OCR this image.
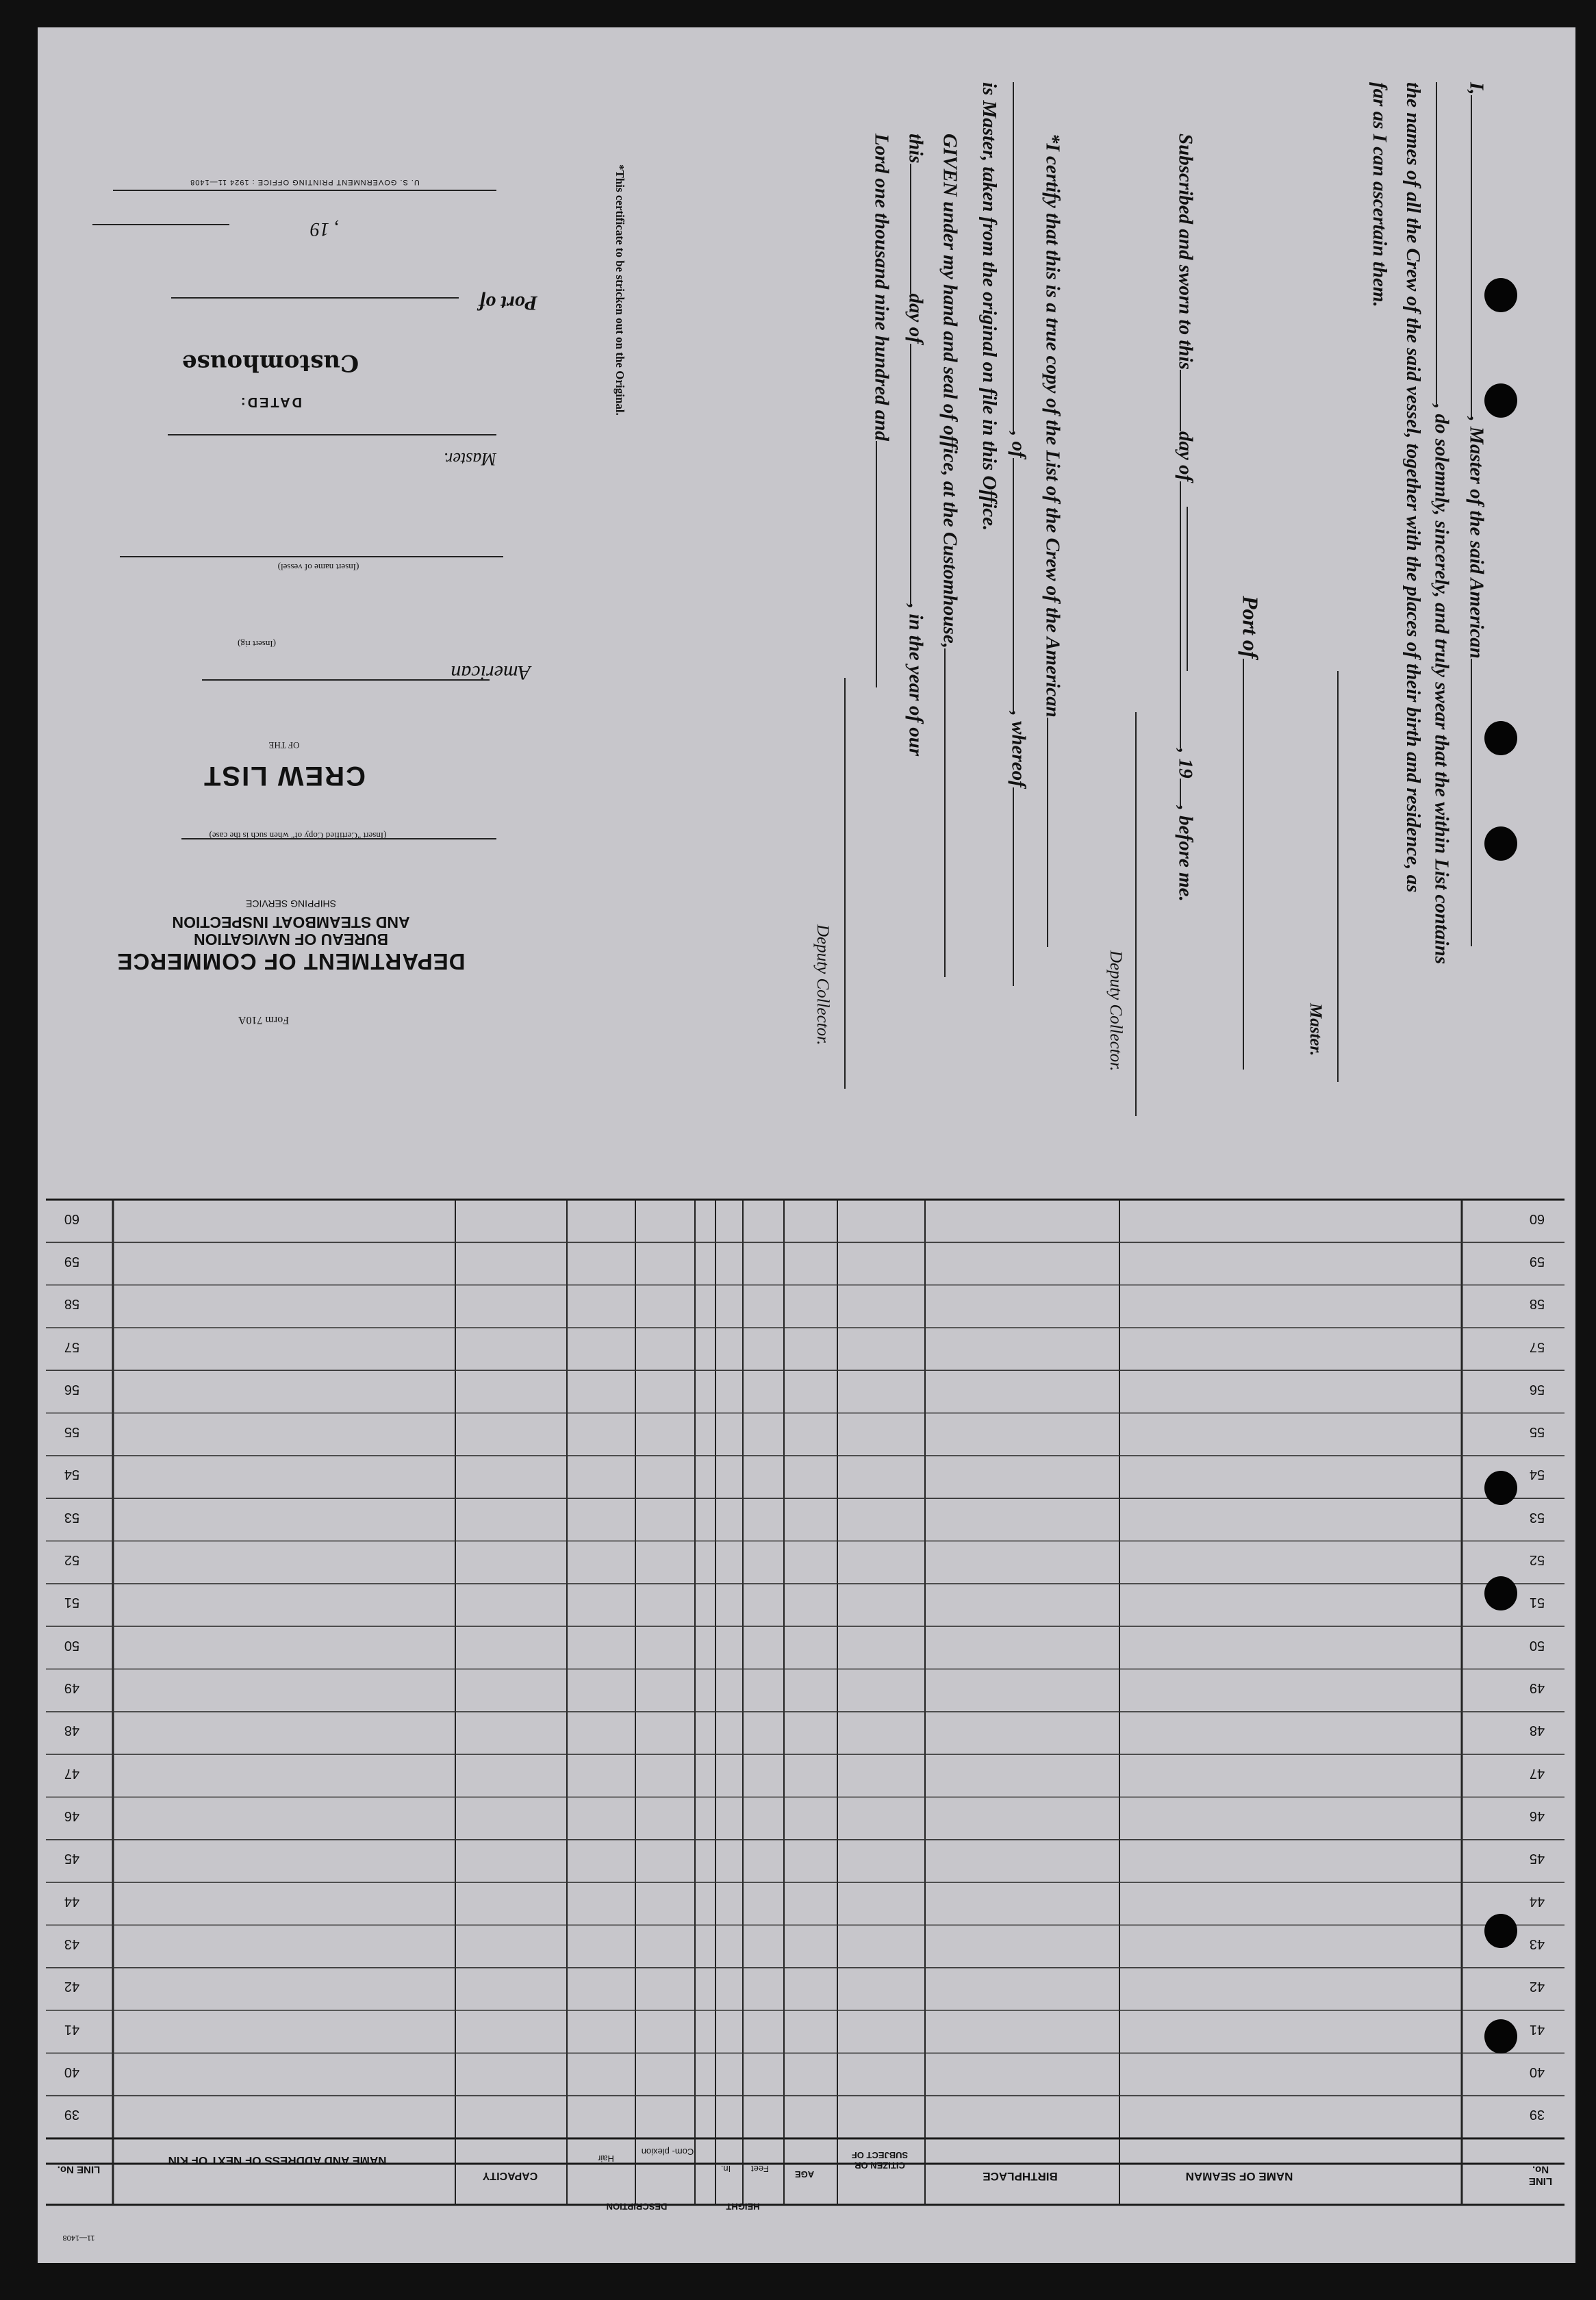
Form 710A
DEPARTMENT OF COMMERCE
BUREAU OF NAVIGATION
AND STEAMBOAT INSPECTION
SHIPPING SERVICE
(Insert "Certified Copy of" when such is the case)
CREW LIST
OF THE
American
(Insert rig)
(Insert name of vessel)
Master.
DATED:
Customhouse
Port of
, 19
U. S. GOVERNMENT PRINTING OFFICE : 1924 11—1408	*This certificate to be stricken out on the Original.
I,, Master of the said American
, do solemnly, sincerely, and truly swear that the within List contains
the names of all the Crew of the said vessel, together with the places of their birth and residence, as
far as I can ascertain them.
Master.
Port of
Subscribed and sworn to thisday of, 19, before me.
Deputy Collector.
*I certify that this is a true copy of the List of the Crew of the American
, of, whereof
is Master, taken from the original on file in this Office.
GIVEN under my hand and seal of office, at the Customhouse,
thisday of, in the year of our
Lord one thousand nine hundred and
Deputy Collector.
LINE No.
NAME OF SEAMAN
BIRTHPLACE
CITIZEN OR SUBJECT OF
AGE
HEIGHT
Feet
In.
DESCRIPTION
Com- plexion
Hair
CAPACITY
NAME AND ADDRESS OF NEXT OF KIN
LINE No.
11—1408
39
39
40
40
41
41
42
42
43
43
44
44
45
45
46
46
47
47
48
48
49
49
50
50
51
51
52
52
53
53
54
54
55
55
56
56
57
57
58
58
59
59
60
60
